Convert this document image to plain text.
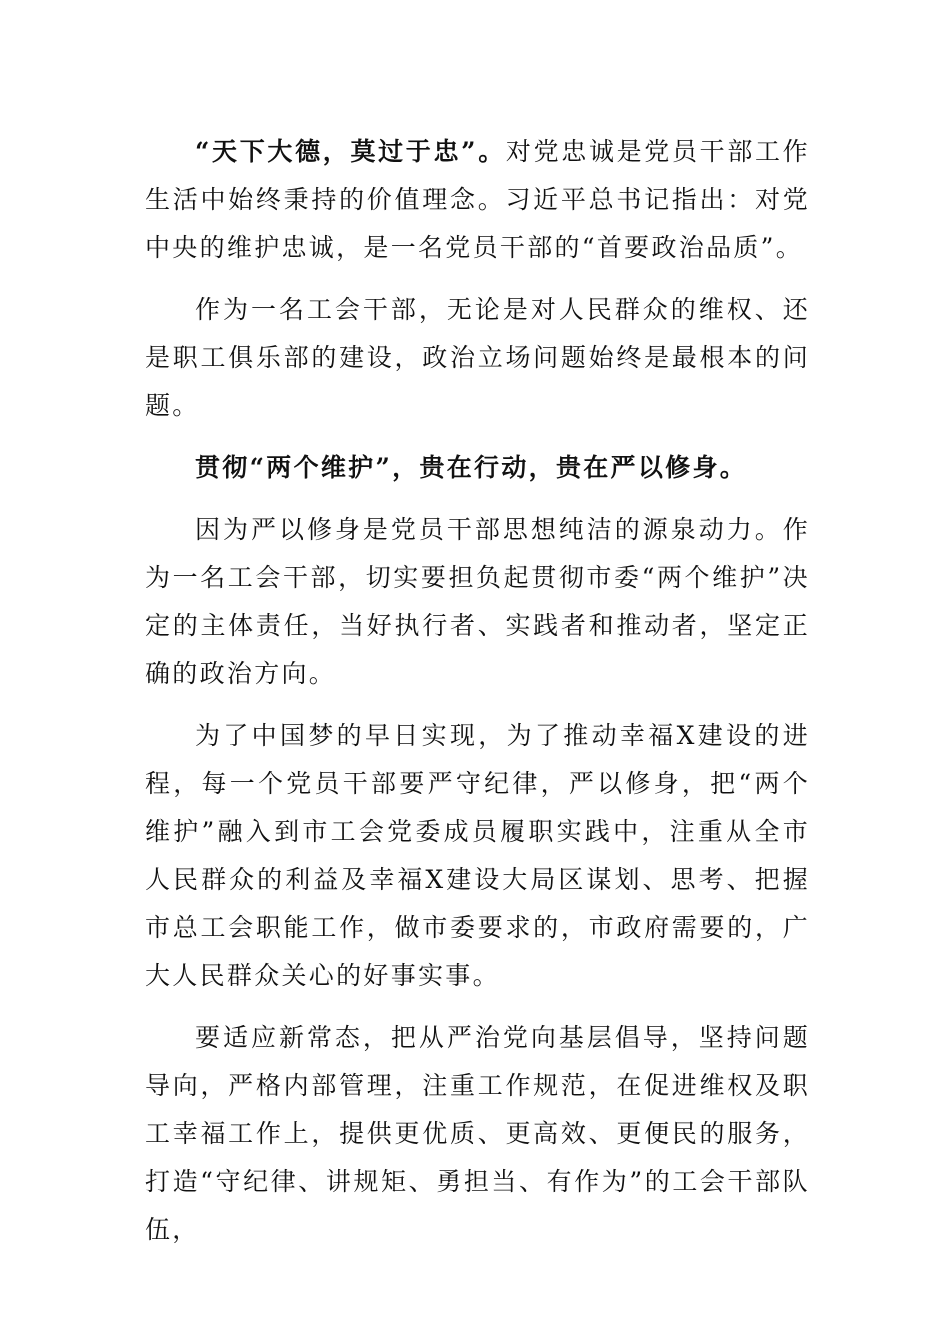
“天下大德，莫过于忠”。对党忠诚是党员干部工作生活中始终秉持的价值理念。习近平总书记指出：对党中央的维护忠诚，是一名党员干部的“首要政治品质”。

作为一名工会干部，无论是对人民群众的维权、还是职工俱乐部的建设，政治立场问题始终是最根本的问题。

贯彻“两个维护”，贵在行动，贵在严以修身。

因为严以修身是党员干部思想纯洁的源泉动力。作为一名工会干部，切实要担负起贯彻市委“两个维护”决定的主体责任，当好执行者、实践者和推动者，坚定正确的政治方向。

为了中国梦的早日实现，为了推动幸福X建设的进程，每一个党员干部要严守纪律，严以修身，把“两个维护”融入到市工会党委成员履职实践中，注重从全市人民群众的利益及幸福X建设大局区谋划、思考、把握市总工会职能工作，做市委要求的，市政府需要的，广大人民群众关心的好事实事。

要适应新常态，把从严治党向基层倡导，坚持问题导向，严格内部管理，注重工作规范，在促进维权及职工幸福工作上，提供更优质、更高效、更便民的服务，打造“守纪律、讲规矩、勇担当、有作为”的工会干部队伍，
